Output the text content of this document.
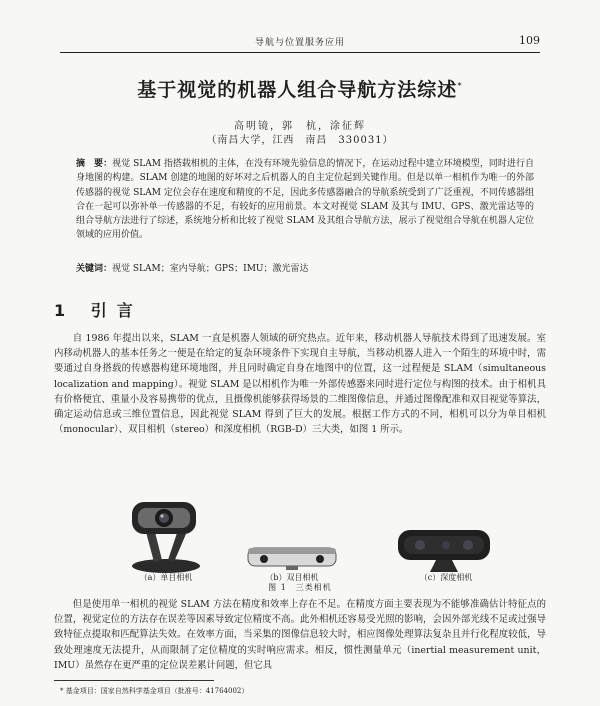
导航与位置服务应用	109
基于视觉的机器人组合导航方法综述*
高明镜，郭　杭，涂征辉
（南昌大学，江西　南昌　330031）
摘　要：视觉 SLAM 指搭载相机的主体，在没有环境先验信息的情况下，在运动过程中建立环境模型，同时进行自身地图的构建。SLAM 创建的地图的好坏对之后机器人的自主定位起到关键作用。但是以单一相机作为唯一的外部传感器的视觉 SLAM 定位会存在速度和精度的不足，因此多传感器融合的导航系统受到了广泛重视，不同传感器组合在一起可以弥补单一传感器的不足，有较好的应用前景。本文对视觉 SLAM 及其与 IMU、GPS、激光雷达等的组合导航方法进行了综述，系统地分析和比较了视觉 SLAM 及其组合导航方法，展示了视觉组合导航在机器人定位领域的应用价值。
关键词：视觉 SLAM；室内导航；GPS；IMU；激光雷达
1 引言
自 1986 年提出以来，SLAM 一直是机器人领域的研究热点。近年来，移动机器人导航技术得到了迅速发展。室内移动机器人的基本任务之一便是在给定的复杂环境条件下实现自主导航，当移动机器人进入一个陌生的环境中时，需要通过自身搭载的传感器构建环境地图，并且同时确定自身在地图中的位置，这一过程便是 SLAM（simultaneous localization and mapping）。视觉 SLAM 是以相机作为唯一外部传感器来同时进行定位与构图的技术。由于相机具有价格便宜、重量小及容易携带的优点，且摄像机能够获得场景的二维图像信息，并通过图像配准和双目视觉等算法，确定运动信息或三维位置信息，因此视觉 SLAM 得到了巨大的发展。根据工作方式的不同，相机可以分为单目相机（monocular）、双目相机（stereo）和深度相机（RGB-D）三大类，如图 1 所示。
（a）单目相机	（b）双目相机	（c）深度相机
图 1　三类相机
但是使用单一相机的视觉 SLAM 方法在精度和效率上存在不足。在精度方面主要表现为不能够准确估计特征点的位置，视觉定位的方法存在误差等因素导致定位精度不高。此外相机还容易受光照的影响，会因外部光线不足或过强导致特征点提取和匹配算法失效。在效率方面，当采集的图像信息较大时，相应图像处理算法复杂且并行化程度较低，导致处理速度无法提升，从而限制了定位精度的实时响应需求。相反，惯性测量单元（inertial measurement unit，IMU）虽然存在更严重的定位误差累计问题，但它具
* 基金项目：国家自然科学基金项目（批准号：41764002）
